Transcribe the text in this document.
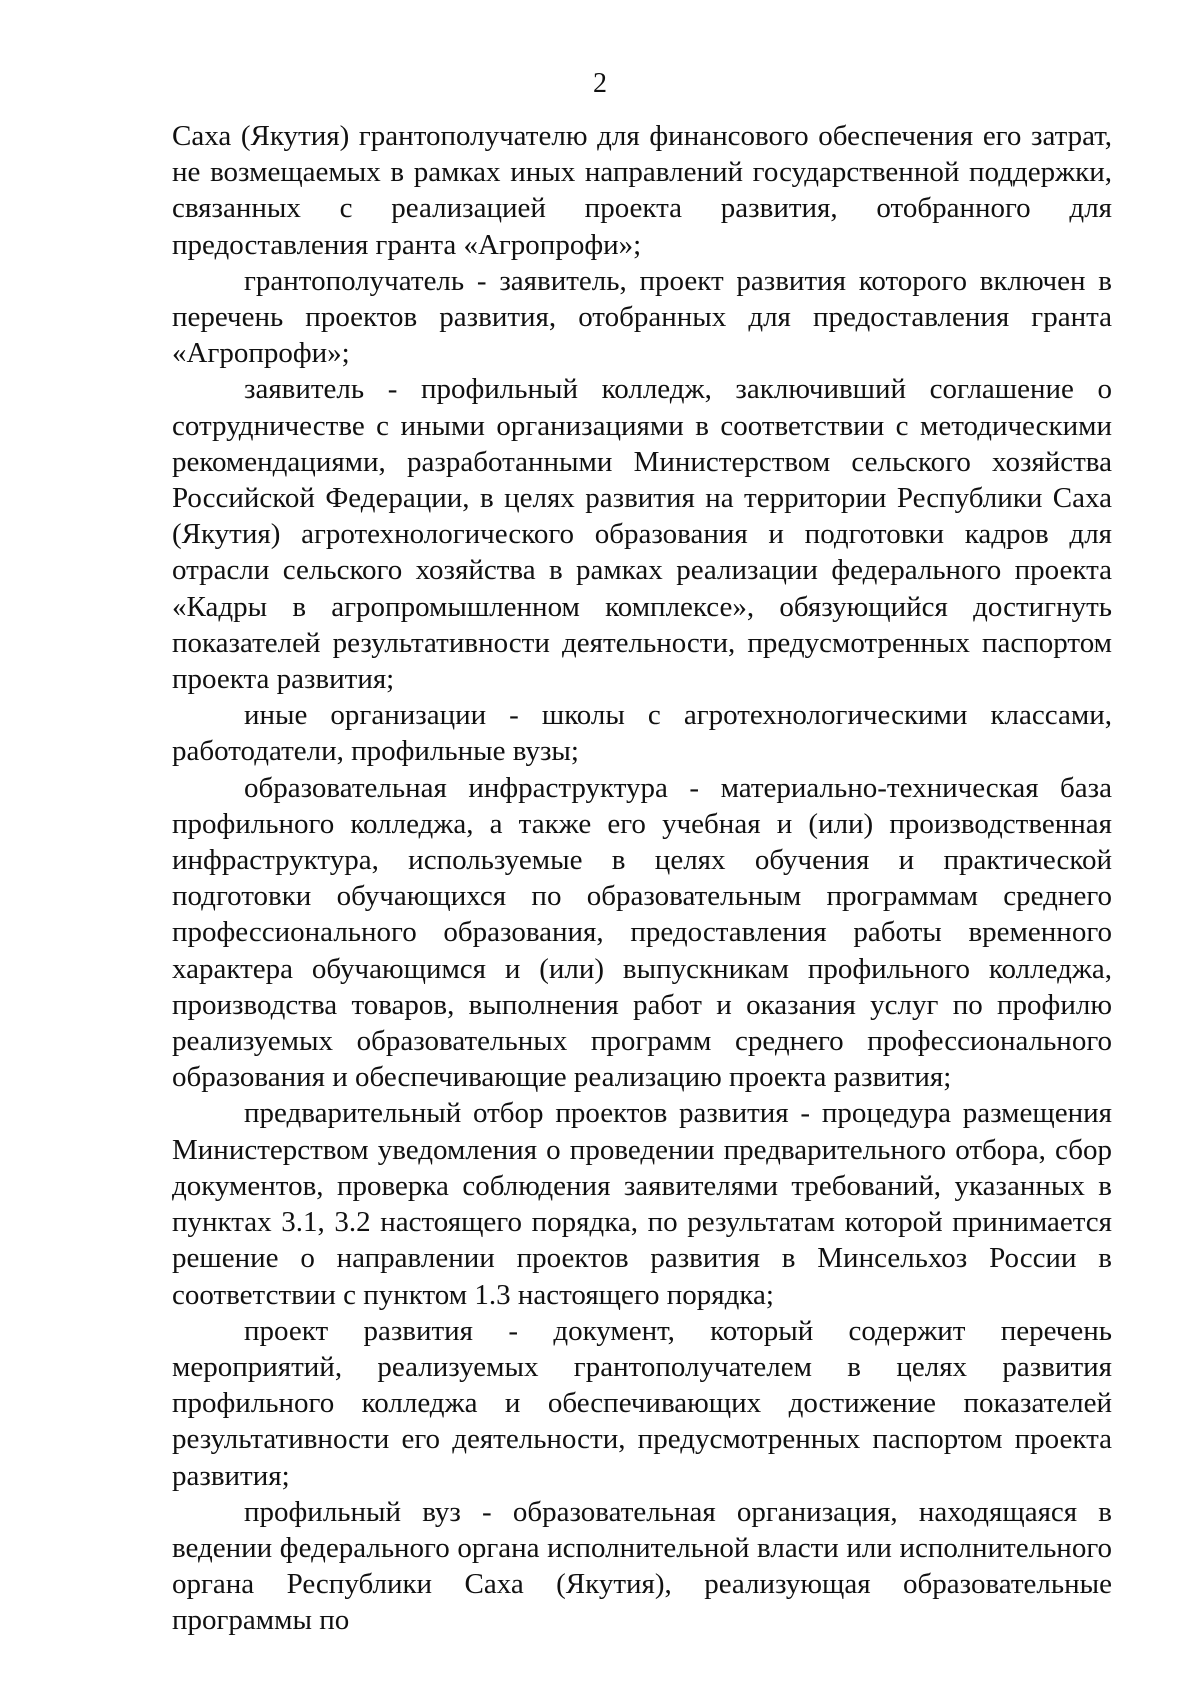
2

Саха (Якутия) грантополучателю для финансового обеспечения его затрат, не возмещаемых в рамках иных направлений государственной поддержки, связанных с реализацией проекта развития, отобранного для предоставления гранта «Агропрофи»;

грантополучатель - заявитель, проект развития которого включен в перечень проектов развития, отобранных для предоставления гранта «Агропрофи»;

заявитель - профильный колледж, заключивший соглашение о сотрудничестве с иными организациями в соответствии с методическими рекомендациями, разработанными Министерством сельского хозяйства Российской Федерации, в целях развития на территории Республики Саха (Якутия) агротехнологического образования и подготовки кадров для отрасли сельского хозяйства в рамках реализации федерального проекта «Кадры в агропромышленном комплексе», обязующийся достигнуть показателей результативности деятельности, предусмотренных паспортом проекта развития;

иные организации - школы с агротехнологическими классами, работодатели, профильные вузы;

образовательная инфраструктура - материально-техническая база профильного колледжа, а также его учебная и (или) производственная инфраструктура, используемые в целях обучения и практической подготовки обучающихся по образовательным программам среднего профессионального образования, предоставления работы временного характера обучающимся и (или) выпускникам профильного колледжа, производства товаров, выполнения работ и оказания услуг по профилю реализуемых образовательных программ среднего профессионального образования и обеспечивающие реализацию проекта развития;

предварительный отбор проектов развития - процедура размещения Министерством уведомления о проведении предварительного отбора, сбор документов, проверка соблюдения заявителями требований, указанных в пунктах 3.1, 3.2 настоящего порядка, по результатам которой принимается решение о направлении проектов развития в Минсельхоз России в соответствии с пунктом 1.3 настоящего порядка;

проект развития - документ, который содержит перечень мероприятий, реализуемых грантополучателем в целях развития профильного колледжа и обеспечивающих достижение показателей результативности его деятельности, предусмотренных паспортом проекта развития;

профильный вуз - образовательная организация, находящаяся в ведении федерального органа исполнительной власти или исполнительного органа Республики Саха (Якутия), реализующая образовательные программы по
